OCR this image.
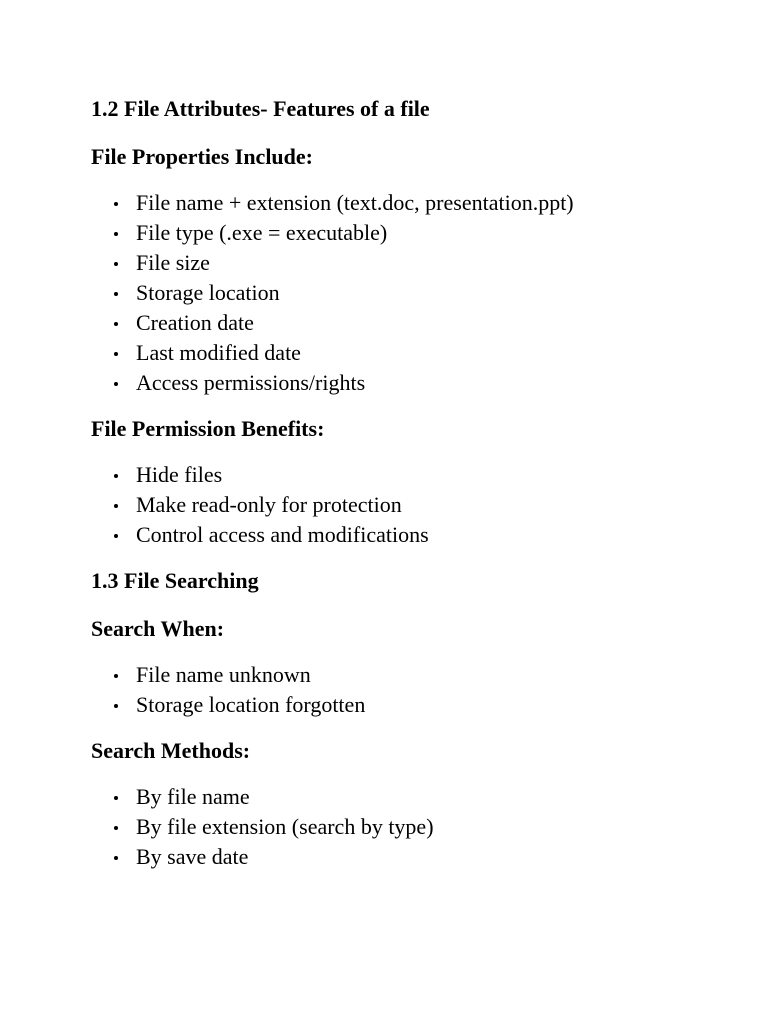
1.2 File Attributes- Features of a file
File Properties Include:
File name + extension (text.doc, presentation.ppt)
File type (.exe = executable)
File size
Storage location
Creation date
Last modified date
Access permissions/rights
File Permission Benefits:
Hide files
Make read-only for protection
Control access and modifications
1.3 File Searching
Search When:
File name unknown
Storage location forgotten
Search Methods:
By file name
By file extension (search by type)
By save date
